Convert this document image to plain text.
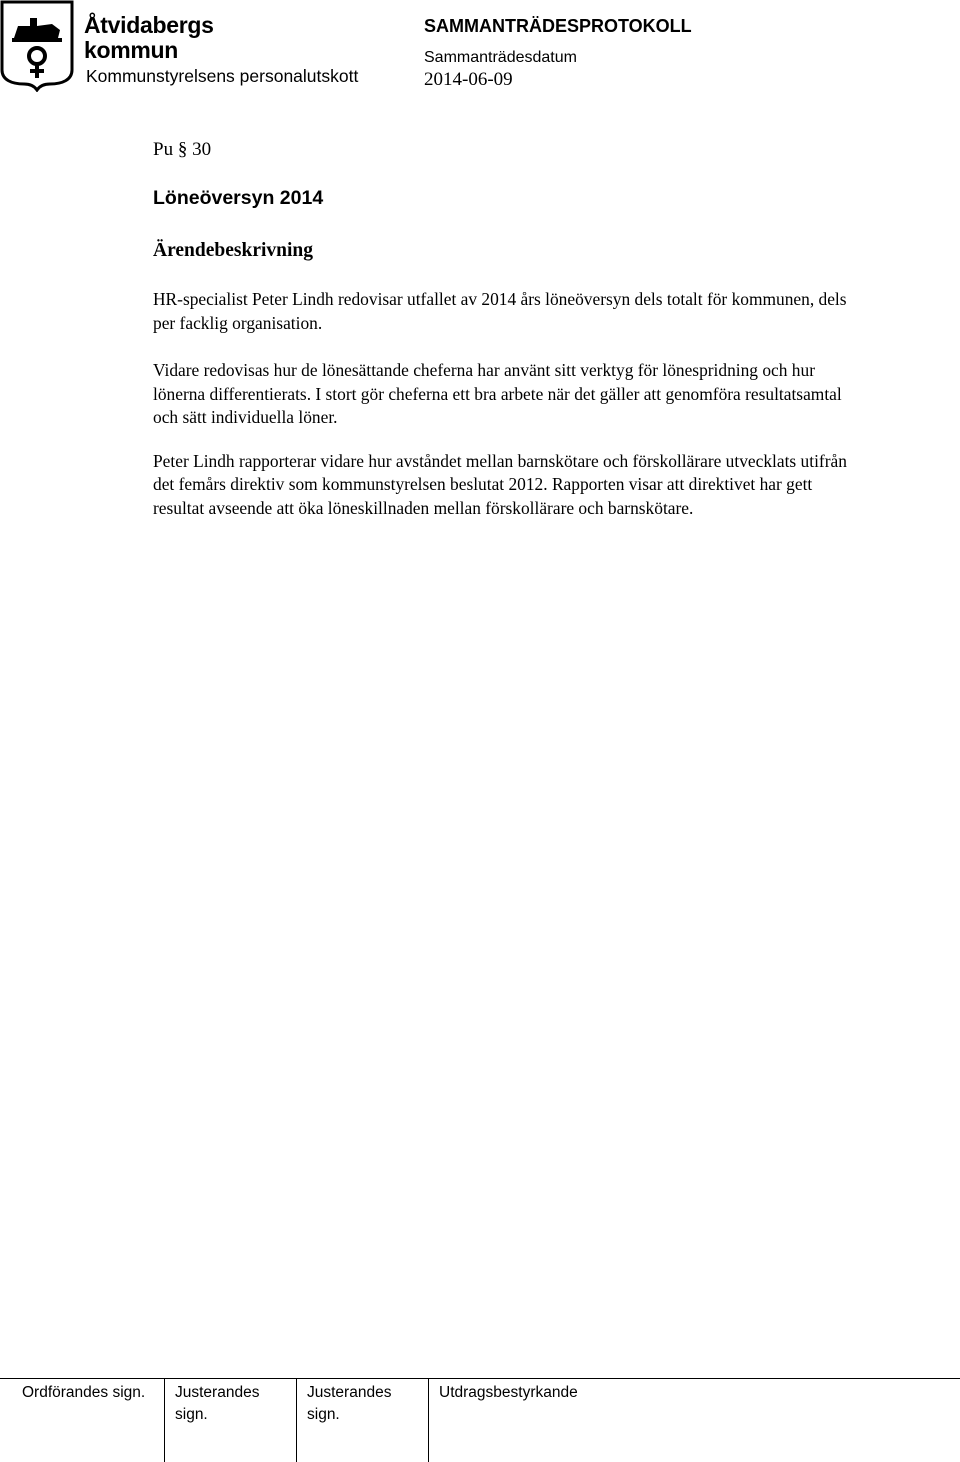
Åtvidabergs
kommun
Kommunstyrelsens personalutskott
SAMMANTRÄDESPROTOKOLL
Sammanträdesdatum
2014-06-09

Pu § 30

Löneöversyn 2014
Ärendebeskrivning

HR-specialist Peter Lindh redovisar utfallet av 2014 års löneöversyn dels totalt för kommunen, dels per facklig organisation.

Vidare redovisas hur de lönesättande cheferna har använt sitt verktyg för lönespridning och hur lönerna differentierats. I stort gör cheferna ett bra arbete när det gäller att genomföra resultatsamtal och sätt individuella löner.

Peter Lindh rapporterar vidare hur avståndet mellan barnskötare och förskollärare utvecklats utifrån det femårs direktiv som kommunstyrelsen beslutat 2012. Rapporten visar att direktivet har gett resultat avseende att öka löneskillnaden mellan förskollärare och barnskötare.

Ordförandes sign.	Justerandes
sign.
Justerandes
sign.
Utdragsbestyrkande
